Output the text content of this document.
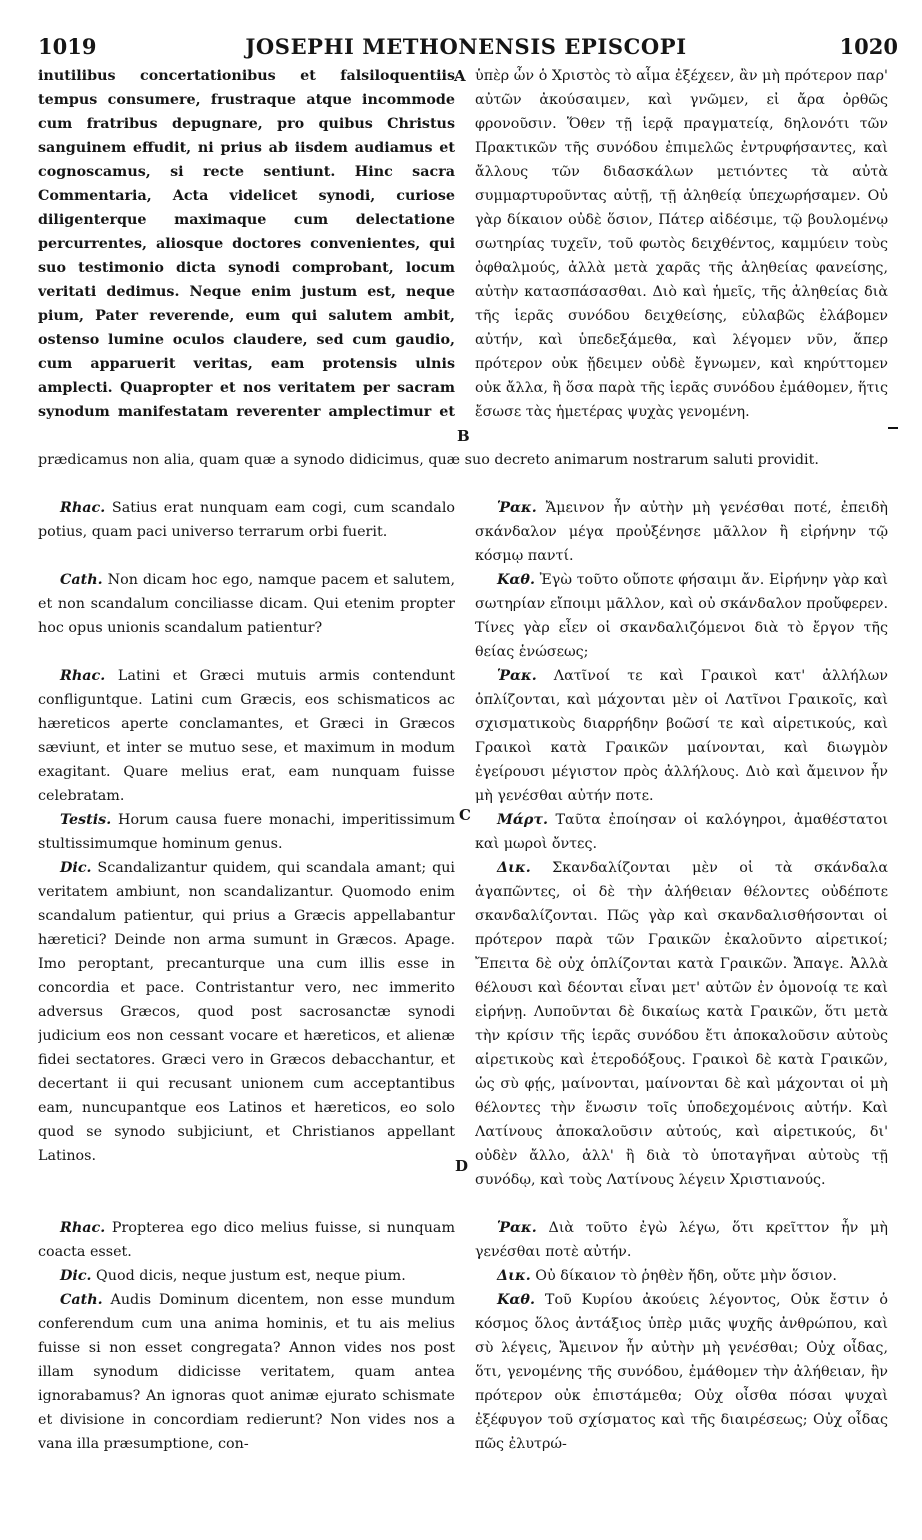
1019	JOSEPHI METHONENSIS EPISCOPI	1020
A
B
C
D
inutilibus concertationibus et falsiloquentiis tempus consumere, frustraque atque incommode cum fratribus depugnare, pro quibus Christus sanguinem effudit, ni prius ab iisdem audiamus et cognoscamus, si recte sentiunt. Hinc sacra Commentaria, Acta videlicet synodi, curiose diligenterque maximaque cum delectatione percurrentes, aliosque doctores convenientes, qui suo testimonio dicta synodi comprobant, locum veritati dedimus. Neque enim justum est, neque pium, Pater reverende, eum qui salutem ambit, ostenso lumine oculos claudere, sed cum gaudio, cum apparuerit veritas, eam protensis ulnis amplecti. Quapropter et nos veritatem per sacram synodum manifestatam reverenter amplectimur et
ὑπὲρ ὧν ὁ Χριστὸς τὸ αἷμα ἐξέχεεν, ἂν μὴ πρότερον παρ' αὐτῶν ἀκούσαιμεν, καὶ γνῶμεν, εἰ ἄρα ὀρθῶς φρονοῦσιν. Ὅθεν τῇ ἱερᾷ πραγματείᾳ, δηλονότι τῶν Πρακτικῶν τῆς συνόδου ἐπιμελῶς ἐντρυφήσαντες, καὶ ἄλλους τῶν διδασκάλων μετιόντες τὰ αὐτὰ συμμαρτυροῦντας αὐτῇ, τῇ ἀληθείᾳ ὑπεχωρήσαμεν. Οὐ γὰρ δίκαιον οὐδὲ ὅσιον, Πάτερ αἰδέσιμε, τῷ βουλομένῳ σωτηρίας τυχεῖν, τοῦ φωτὸς δειχθέντος, καμμύειν τοὺς ὀφθαλμούς, ἀλλὰ μετὰ χαρᾶς τῆς ἀληθείας φανείσης, αὐτὴν κατασπάσασθαι. Διὸ καὶ ἡμεῖς, τῆς ἀληθείας διὰ τῆς ἱερᾶς συνόδου δειχθείσης, εὐλαβῶς ἐλάβομεν αὐτήν, καὶ ὑπεδεξάμεθα, καὶ λέγομεν νῦν, ἅπερ πρότερον οὐκ ᾔδειμεν οὐδὲ ἔγνωμεν, καὶ κηρύττομεν οὐκ ἄλλα, ἢ ὅσα παρὰ τῆς ἱερᾶς συνόδου ἐμάθομεν, ἥτις ἔσωσε τὰς ἡμετέρας ψυχὰς γενομένη.
prædicamus non alia, quam quæ a synodo didicimus, quæ suo decreto animarum nostrarum saluti providit.
Rhac. Satius erat nunquam eam cogi, cum scandalo potius, quam paci universo terrarum orbi fuerit.
Cath. Non dicam hoc ego, namque pacem et salutem, et non scandalum conciliasse dicam. Qui etenim propter hoc opus unionis scandalum patientur?
Rhac. Latini et Græci mutuis armis contendunt confliguntque. Latini cum Græcis, eos schismaticos ac hæreticos aperte conclamantes, et Græci in Græcos sæviunt, et inter se mutuo sese, et maximum in modum exagitant. Quare melius erat, eam nunquam fuisse celebratam.
Testis. Horum causa fuere monachi, imperitissimum stultissimumque hominum genus.
Dic. Scandalizantur quidem, qui scandala amant; qui veritatem ambiunt, non scandalizantur. Quomodo enim scandalum patientur, qui prius a Græcis appellabantur hæretici? Deinde non arma sumunt in Græcos. Apage. Imo peroptant, precanturque una cum illis esse in concordia et pace. Contristantur vero, nec immerito adversus Græcos, quod post sacrosanctæ synodi judicium eos non cessant vocare et hæreticos, et alienæ fidei sectatores. Græci vero in Græcos debacchantur, et decertant ii qui recusant unionem cum acceptantibus eam, nuncupantque eos Latinos et hæreticos, eo solo quod se synodo subjiciunt, et Christianos appellant Latinos.
Rhac. Propterea ego dico melius fuisse, si nunquam coacta esset.
Dic. Quod dicis, neque justum est, neque pium.
Cath. Audis Dominum dicentem, non esse mundum conferendum cum una anima hominis, et tu ais melius fuisse si non esset congregata? Annon vides nos post illam synodum didicisse veritatem, quam antea ignorabamus? An ignoras quot animæ ejurato schismate et divisione in concordiam redierunt? Non vides nos a vana illa præsumptione, con-
Ῥακ. Ἄμεινον ἦν αὐτὴν μὴ γενέσθαι ποτέ, ἐπειδὴ σκάνδαλον μέγα προὐξένησε μᾶλλον ἢ εἰρήνην τῷ κόσμῳ παντί.
Καθ. Ἐγὼ τοῦτο οὔποτε φήσαιμι ἄν. Εἰρήνην γὰρ καὶ σωτηρίαν εἴποιμι μᾶλλον, καὶ οὐ σκάνδαλον προὔφερεν. Τίνες γὰρ εἶεν οἱ σκανδαλιζόμενοι διὰ τὸ ἔργον τῆς θείας ἑνώσεως;
Ῥακ. Λατῖνοί τε καὶ Γραικοὶ κατ' ἀλλήλων ὁπλίζονται, καὶ μάχονται μὲν οἱ Λατῖνοι Γραικοῖς, καὶ σχισματικοὺς διαρρήδην βοῶσί τε καὶ αἱρετικούς, καὶ Γραικοὶ κατὰ Γραικῶν μαίνονται, καὶ διωγμὸν ἐγείρουσι μέγιστον πρὸς ἀλλήλους. Διὸ καὶ ἄμεινον ἦν μὴ γενέσθαι αὐτήν ποτε.
Μάρτ. Ταῦτα ἐποίησαν οἱ καλόγηροι, ἀμαθέστατοι καὶ μωροὶ ὄντες.
Δικ. Σκανδαλίζονται μὲν οἱ τὰ σκάνδαλα ἀγαπῶντες, οἱ δὲ τὴν ἀλήθειαν θέλοντες οὐδέποτε σκανδαλίζονται. Πῶς γὰρ καὶ σκανδαλισθήσονται οἱ πρότερον παρὰ τῶν Γραικῶν ἐκαλοῦντο αἱρετικοί; Ἔπειτα δὲ οὐχ ὁπλίζονται κατὰ Γραικῶν. Ἄπαγε. Ἀλλὰ θέλουσι καὶ δέονται εἶναι μετ' αὐτῶν ἐν ὁμονοίᾳ τε καὶ εἰρήνῃ. Λυποῦνται δὲ δικαίως κατὰ Γραικῶν, ὅτι μετὰ τὴν κρίσιν τῆς ἱερᾶς συνόδου ἔτι ἀποκαλοῦσιν αὐτοὺς αἱρετικοὺς καὶ ἑτεροδόξους. Γραικοὶ δὲ κατὰ Γραικῶν, ὡς σὺ φῄς, μαίνονται, μαίνονται δὲ καὶ μάχονται οἱ μὴ θέλοντες τὴν ἕνωσιν τοῖς ὑποδεχομένοις αὐτήν. Καὶ Λατίνους ἀποκαλοῦσιν αὐτούς, καὶ αἱρετικούς, δι' οὐδὲν ἄλλο, ἀλλ' ἢ διὰ τὸ ὑποταγῆναι αὐτοὺς τῇ συνόδῳ, καὶ τοὺς Λατίνους λέγειν Χριστιανούς.
Ῥακ. Διὰ τοῦτο ἐγὼ λέγω, ὅτι κρεῖττον ἦν μὴ γενέσθαι ποτὲ αὐτήν.
Δικ. Οὐ δίκαιον τὸ ῥηθὲν ἤδη, οὔτε μὴν ὅσιον.
Καθ. Τοῦ Κυρίου ἀκούεις λέγοντος, Οὐκ ἔστιν ὁ κόσμος ὅλος ἀντάξιος ὑπὲρ μιᾶς ψυχῆς ἀνθρώπου, καὶ σὺ λέγεις, Ἄμεινον ἦν αὐτὴν μὴ γενέσθαι; Οὐχ οἶδας, ὅτι, γενομένης τῆς συνόδου, ἐμάθομεν τὴν ἀλήθειαν, ἣν πρότερον οὐκ ἐπιστάμεθα; Οὐχ οἶσθα πόσαι ψυχαὶ ἐξέφυγον τοῦ σχίσματος καὶ τῆς διαιρέσεως; Οὐχ οἶδας πῶς ἐλυτρώ-
